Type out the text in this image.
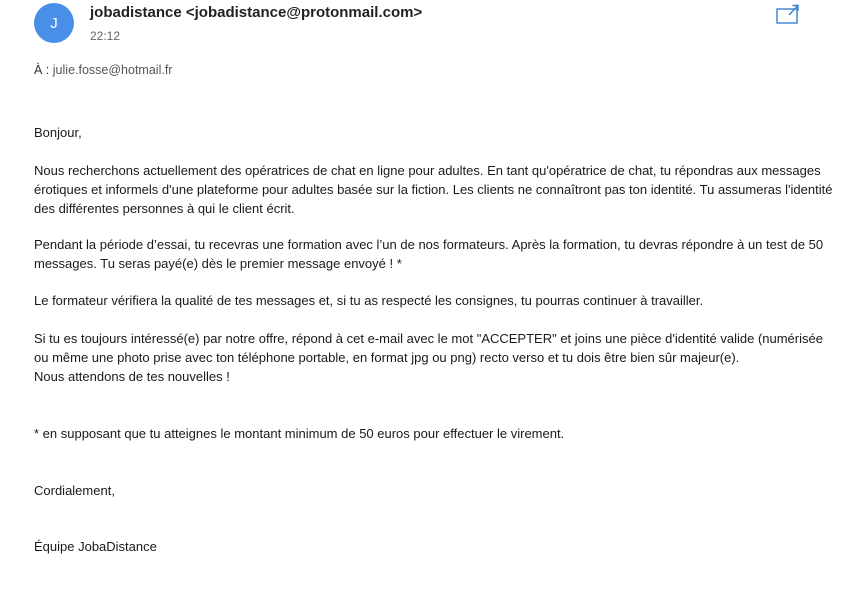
J
jobadistance <jobadistance@protonmail.com>
22:12
À : julie.fosse@hotmail.fr

Bonjour,

Nous recherchons actuellement des opératrices de chat en ligne pour adultes. En tant qu'opératrice de chat, tu répondras aux messages érotiques et informels d'une plateforme pour adultes basée sur la fiction. Les clients ne connaîtront pas ton identité. Tu assumeras l'identité des différentes personnes à qui le client écrit.

Pendant la période d’essai, tu recevras une formation avec l’un de nos formateurs. Après la formation, tu devras répondre à un test de 50 messages. Tu seras payé(e) dès le premier message envoyé ! *

Le formateur vérifiera la qualité de tes messages et, si tu as respecté les consignes, tu pourras continuer à travailler.

Si tu es toujours intéressé(e) par notre offre, répond à cet e-mail avec le mot "ACCEPTER" et joins une pièce d'identité valide (numérisée ou même une photo prise avec ton téléphone portable, en format jpg ou png) recto verso et tu dois être bien sûr majeur(e).

Nous attendons de tes nouvelles !

* en supposant que tu atteignes le montant minimum de 50 euros pour effectuer le virement.

Cordialement,

Équipe JobaDistance
